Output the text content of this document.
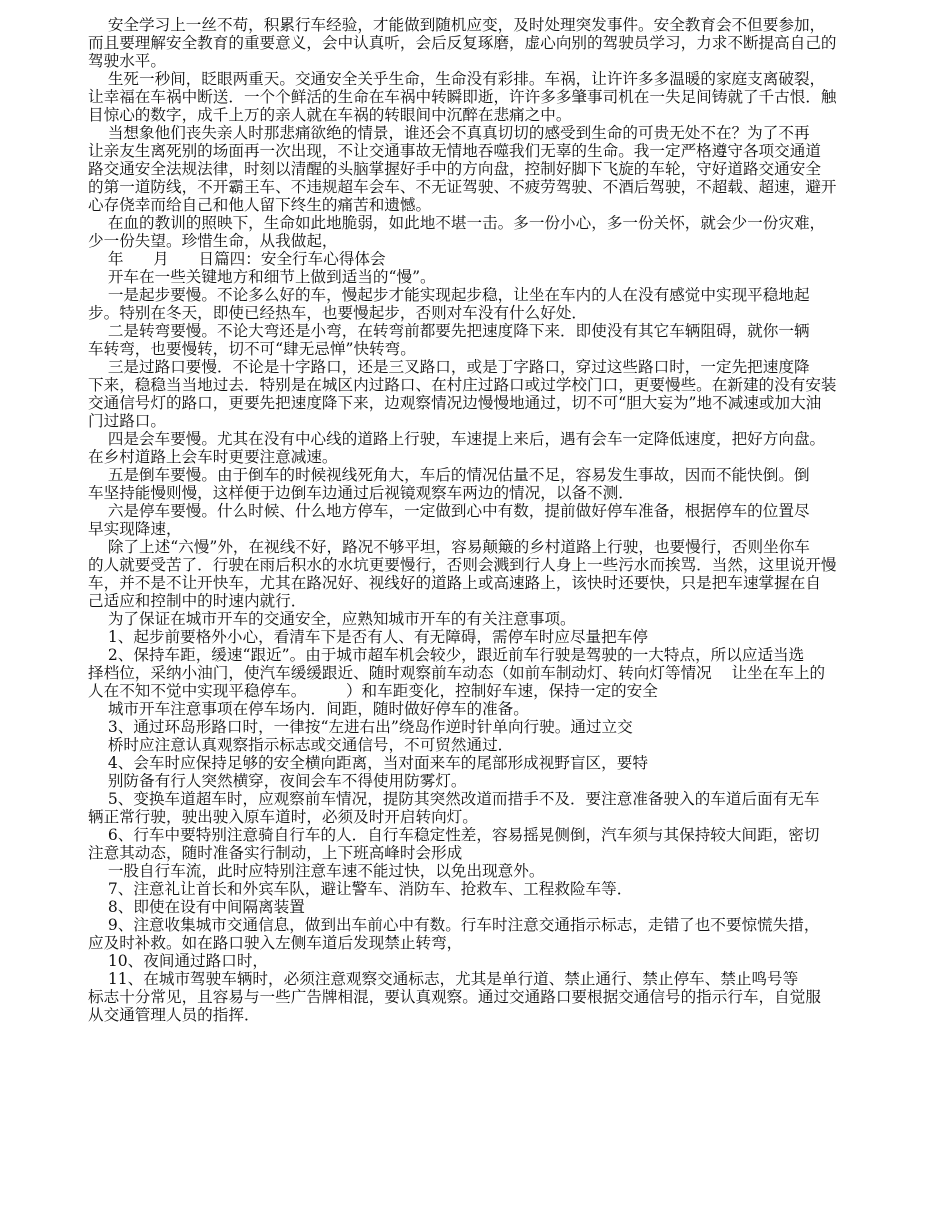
安全学习上一丝不苟，积累行车经验，才能做到随机应变，及时处理突发事件。安全教育会不但要参加，
而且要理解安全教育的重要意义，会中认真听，会后反复琢磨，虚心向别的驾驶员学习，力求不断提高自己的
驾驶水平。
生死一秒间，眨眼两重天。交通安全关乎生命，生命没有彩排。车祸，让许许多多温暖的家庭支离破裂，
让幸福在车祸中断送．一个个鲜活的生命在车祸中转瞬即逝，许许多多肇事司机在一失足间铸就了千古恨．触
目惊心的数字，成千上万的亲人就在车祸的转眼间中沉醉在悲痛之中。
当想象他们丧失亲人时那悲痛欲绝的情景，谁还会不真真切切的感受到生命的可贵无处不在？为了不再
让亲友生离死别的场面再一次出现，不让交通事故无情地吞噬我们无辜的生命。我一定严格遵守各项交通道
路交通安全法规法律，时刻以清醒的头脑掌握好手中的方向盘，控制好脚下飞旋的车轮，守好道路交通安全
的第一道防线，不开霸王车、不违规超车会车、不无证驾驶、不疲劳驾驶、不酒后驾驶，不超载、超速，避开
心存侥幸而给自己和他人留下终生的痛苦和遗憾。
在血的教训的照映下，生命如此地脆弱，如此地不堪一击。多一份小心，多一份关怀，就会少一份灾难，
少一份失望。珍惜生命，从我做起，
年      月      日篇四：安全行车心得体会
开车在一些关键地方和细节上做到适当的“慢”。
一是起步要慢。不论多么好的车，慢起步才能实现起步稳，让坐在车内的人在没有感觉中实现平稳地起
步。特别在冬天，即使已经热车，也要慢起步，否则对车没有什么好处．
二是转弯要慢。不论大弯还是小弯，在转弯前都要先把速度降下来．即使没有其它车辆阻碍，就你一辆
车转弯，也要慢转，切不可“肆无忌惮”快转弯。
三是过路口要慢．不论是十字路口，还是三叉路口，或是丁字路口，穿过这些路口时，一定先把速度降
下来，稳稳当当地过去．特别是在城区内过路口、在村庄过路口或过学校门口，更要慢些。在新建的没有安装
交通信号灯的路口，更要先把速度降下来，边观察情况边慢慢地通过，切不可“胆大妄为”地不减速或加大油
门过路口。
四是会车要慢。尤其在没有中心线的道路上行驶，车速提上来后，遇有会车一定降低速度，把好方向盘。
在乡村道路上会车时更要注意减速。
五是倒车要慢。由于倒车的时候视线死角大，车后的情况估量不足，容易发生事故，因而不能快倒。倒
车坚持能慢则慢，这样便于边倒车边通过后视镜观察车两边的情况，以备不测．
六是停车要慢。什么时候、什么地方停车，一定做到心中有数，提前做好停车准备，根据停车的位置尽
早实现降速，
除了上述“六慢”外，在视线不好，路况不够平坦，容易颠簸的乡村道路上行驶，也要慢行，否则坐你车
的人就要受苦了．行驶在雨后积水的水坑更要慢行，否则会溅到行人身上一些污水而挨骂．当然，这里说开慢
车，并不是不让开快车，尤其在路况好、视线好的道路上或高速路上，该快时还要快，只是把车速掌握在自
己适应和控制中的时速内就行．
为了保证在城市开车的交通安全，应熟知城市开车的有关注意事项。
1、起步前要格外小心，看清车下是否有人、有无障碍，需停车时应尽量把车停
2、保持车距，缓速“跟近”。由于城市超车机会较少，跟近前车行驶是驾驶的一大特点，所以应适当选
择档位，采纳小油门，使汽车缓缓跟近、随时观察前车动态（如前车制动灯、转向灯等情况    让坐在车上的
人在不知不觉中实现平稳停车。        ）和车距变化，控制好车速，保持一定的安全
城市开车注意事项在停车场内．间距，随时做好停车的准备。
3、通过环岛形路口时，一律按“左进右出”绕岛作逆时针单向行驶。通过立交
桥时应注意认真观察指示标志或交通信号，不可贸然通过．
4、会车时应保持足够的安全横向距离，当对面来车的尾部形成视野盲区，要特
别防备有行人突然横穿，夜间会车不得使用防雾灯。
5、变换车道超车时，应观察前车情况，提防其突然改道而措手不及．要注意准备驶入的车道后面有无车
辆正常行驶，驶出驶入原车道时，必须及时开启转向灯。
6、行车中要特别注意骑自行车的人．自行车稳定性差，容易摇晃侧倒，汽车须与其保持较大间距，密切
注意其动态，随时准备实行制动，上下班高峰时会形成
一股自行车流，此时应特别注意车速不能过快，以免出现意外。
7、注意礼让首长和外宾车队，避让警车、消防车、抢救车、工程救险车等．
8、即使在设有中间隔离装置
9、注意收集城市交通信息，做到出车前心中有数。行车时注意交通指示标志，走错了也不要惊慌失措，
应及时补救。如在路口驶入左侧车道后发现禁止转弯，
10、夜间通过路口时，
11、在城市驾驶车辆时，必须注意观察交通标志，尤其是单行道、禁止通行、禁止停车、禁止鸣号等
标志十分常见，且容易与一些广告牌相混，要认真观察。通过交通路口要根据交通信号的指示行车，自觉服
从交通管理人员的指挥．
